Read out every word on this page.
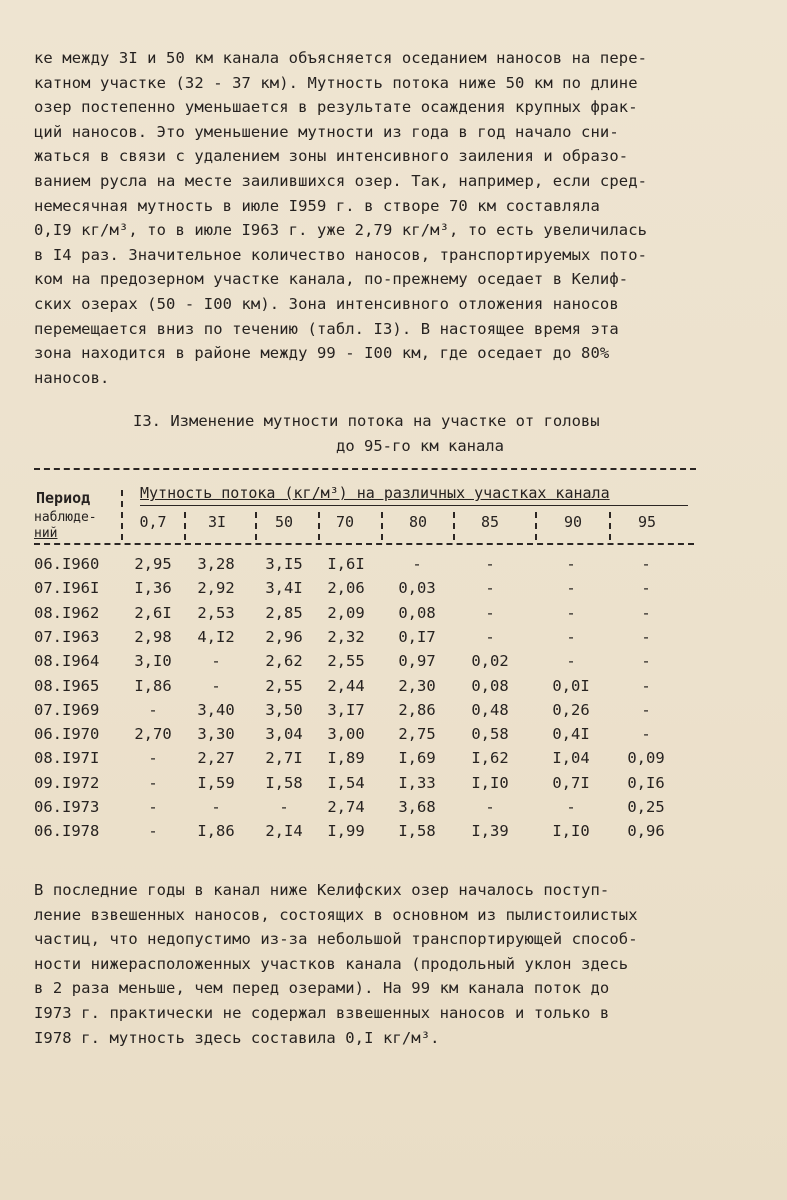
ке между 3I и 50 км канала объясняется оседанием наносов на пере-
катном участке (32 - 37 км). Мутность потока ниже 50 км по длине
озер постепенно уменьшается в результате осаждения крупных фрак-
ций наносов. Это уменьшение мутности из года в год начало сни-
жаться в связи с удалением зоны интенсивного заиления и образо-
ванием русла на месте заилившихся озер. Так, например, если сред-
немесячная мутность в июле I959 г. в створе 70 км составляла
0,I9 кг/м³, то в июле I963 г. уже 2,79 кг/м³, то есть увеличилась
в I4 раз. Значительное количество наносов, транспортируемых пото-
ком на предозерном участке канала, по-прежнему оседает в Келиф-
ских озерах (50 - I00 км). Зона интенсивного отложения наносов
перемещается вниз по течению (табл. I3). В настоящее время эта
зона находится в районе между 99 - I00 км, где оседает до 80%
наносов.

I3. Изменение мутности потока на участке от головы
до 95-го км канала
Период
наблюде-
ний
Мутность потока (кг/м³) на различных участках канала
0,7	3I	50	70	80	85	90	95
06.I960	2,95	3,28	3,I5	I,6I	-	-	-	-
07.I96I	I,36	2,92	3,4I	2,06	0,03	-	-	-
08.I962	2,6I	2,53	2,85	2,09	0,08	-	-	-
07.I963	2,98	4,I2	2,96	2,32	0,I7	-	-	-
08.I964	3,I0	-	2,62	2,55	0,97	0,02	-	-
08.I965	I,86	-	2,55	2,44	2,30	0,08	0,0I	-
07.I969	-	3,40	3,50	3,I7	2,86	0,48	0,26	-
06.I970	2,70	3,30	3,04	3,00	2,75	0,58	0,4I	-
08.I97I	-	2,27	2,7I	I,89	I,69	I,62	I,04	0,09
09.I972	-	I,59	I,58	I,54	I,33	I,I0	0,7I	0,I6
06.I973	-	-	-	2,74	3,68	-	-	0,25
06.I978	-	I,86	2,I4	I,99	I,58	I,39	I,I0	0,96

В последние годы в канал ниже Келифских озер началось поступ-
ление взвешенных наносов, состоящих в основном из пылистоилистых
частиц, что недопустимо из-за небольшой транспортирующей способ-
ности нижерасположенных участков канала (продольный уклон здесь
в 2 раза меньше, чем перед озерами). На 99 км канала поток до
I973 г. практически не содержал взвешенных наносов и только в
I978 г. мутность здесь составила 0,I кг/м³.
